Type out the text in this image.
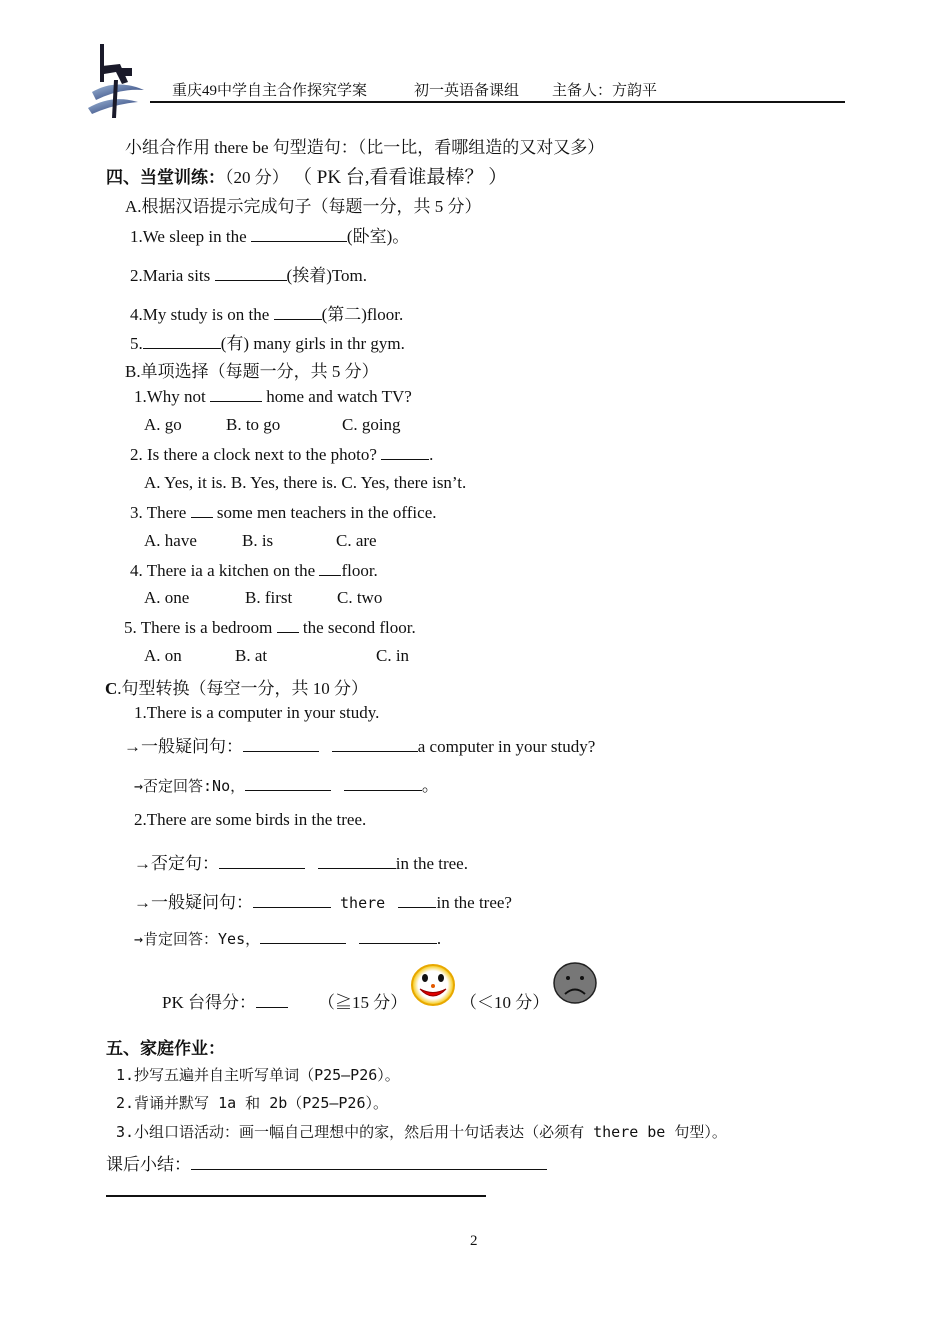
重庆49中学自主合作探究学案	初一英语备课组 主备人：方韵平
小组合作用 there be 句型造句：（比一比，看哪组造的又对又多）
四、当堂训练：（20 分） （ PK 台,看看谁最棒？ ）
A.根据汉语提示完成句子（每题一分，共 5 分）
1.We sleep in the	(卧室)。
2.Maria sits	(挨着)Tom.
4.My study is on the	(第二)floor.
5.	(有) many girls in thr gym.
B.单项选择（每题一分，共 5 分）
1.Why not	home and watch TV?
A. go	B. to go	C. going
2. Is there a clock next to the photo?	.
A. Yes, it is. B. Yes, there is. C. Yes, there isn’t.
3. There  some men teachers in the office.
A. have	B. is	C. are
4. There ia a kitchen on the floor.
A. one	B. first	C. two
5. There is a bedroom  the second floor.
A. on	B. at	C. in
C.句型转换（每空一分，共 10 分）
1.There is a computer in your study.
→一般疑问句：	a computer in your study?
→否定回答:No，	。
2.There are some birds in the tree.
→否定句：	in the tree.
→一般疑问句：	there  in the tree?
→肯定回答：Yes，	.
PK 台得分：	（≧15 分）	（＜10 分）
五、家庭作业：
1.抄写五遍并自主听写单词（P25—P26）。
2.背诵并默写 1a 和 2b（P25—P26）。
3.小组口语活动：画一幅自己理想中的家，然后用十句话表达（必须有 there be 句型）。
课后小结：
2
